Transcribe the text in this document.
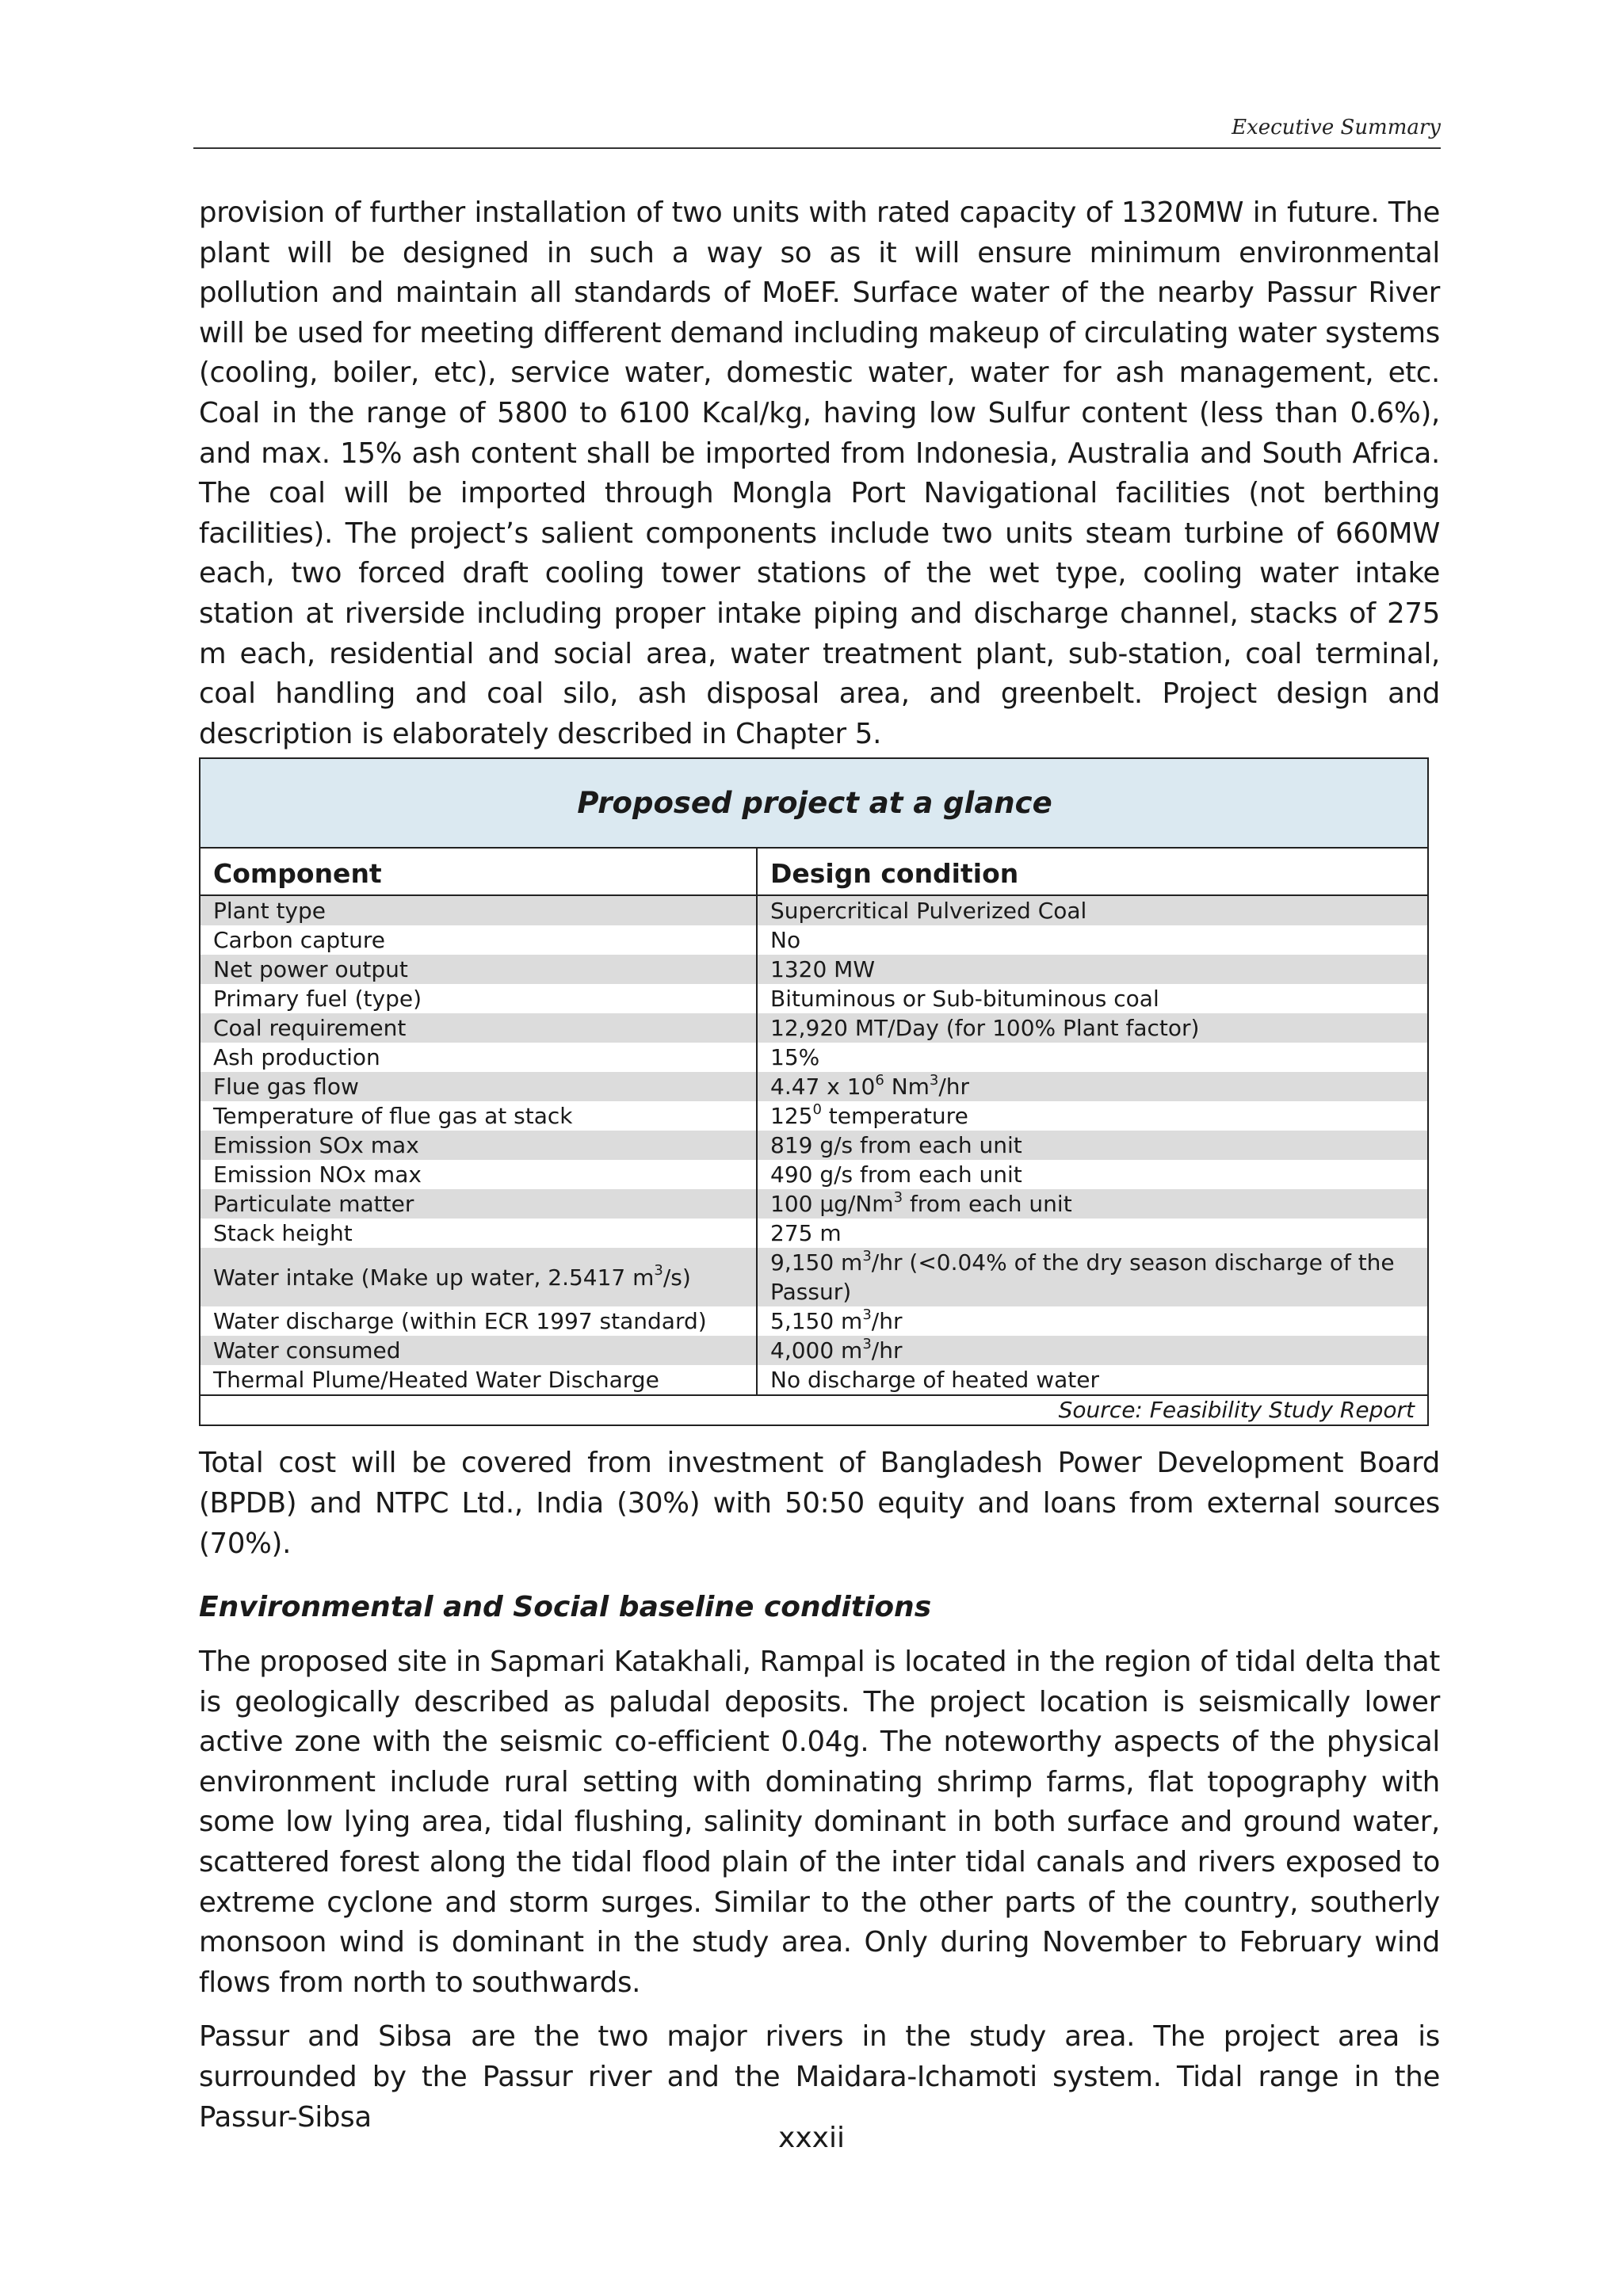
Executive Summary

provision of further installation of two units with rated capacity of 1320MW in future. The plant will be designed in such a way so as it will ensure minimum environmental pollution and maintain all standards of MoEF. Surface water of the nearby Passur River will be used for meeting different demand including makeup of circulating water systems (cooling, boiler, etc), service water, domestic water, water for ash management, etc. Coal in the range of 5800 to 6100 Kcal/kg, having low Sulfur content (less than 0.6%), and max. 15% ash content shall be imported from Indonesia, Australia and South Africa. The coal will be imported through Mongla Port Navigational facilities (not berthing facilities). The project’s salient components include two units steam turbine of 660MW each, two forced draft cooling tower stations of the wet type, cooling water intake station at riverside including proper intake piping and discharge channel, stacks of 275 m each, residential and social area, water treatment plant, sub-station, coal terminal, coal handling and coal silo, ash disposal area, and greenbelt. Project design and description is elaborately described in Chapter 5.

Proposed project at a glance	
Component	Design condition
Plant type	Supercritical Pulverized Coal
Carbon capture	No
Net power output	1320 MW
Primary fuel (type)	Bituminous or Sub-bituminous coal
Coal requirement	12,920 MT/Day (for 100% Plant factor)
Ash production	15%
Flue gas flow	4.47 x $10^6$ Nm$^3$/hr
Temperature of flue gas at stack	$125^0$ temperature
Emission SOx max	819 g/s from each unit
Emission NOx max	490 g/s from each unit
Particulate matter	100 μg/Nm$^3$ from each unit
Stack height	275 m
Water intake (Make up water, 2.5417 $m^3/s$)	9,150 $m^3/hr$ (<0.04% of the dry season discharge of the Passur)
Water discharge (within ECR 1997 standard)	5,150 $m^3/hr$
Water consumed	4,000 $m^3/hr$
Thermal Plume/Heated Water Discharge	No discharge of heated water
Source: Feasibility Study Report	

Total cost will be covered from investment of Bangladesh Power Development Board (BPDB) and NTPC Ltd., India (30%) with 50:50 equity and loans from external sources (70%).

Environmental and Social baseline conditions

The proposed site in Sapmari Katakhali, Rampal is located in the region of tidal delta that is geologically described as paludal deposits. The project location is seismically lower active zone with the seismic co-efficient 0.04g. The noteworthy aspects of the physical environment include rural setting with dominating shrimp farms, flat topography with some low lying area, tidal flushing, salinity dominant in both surface and ground water, scattered forest along the tidal flood plain of the inter tidal canals and rivers exposed to extreme cyclone and storm surges. Similar to the other parts of the country, southerly monsoon wind is dominant in the study area. Only during November to February wind flows from north to southwards.

Passur and Sibsa are the two major rivers in the study area. The project area is surrounded by the Passur river and the Maidara-Ichamoti system. Tidal range in the Passur-Sibsa

xxxii
